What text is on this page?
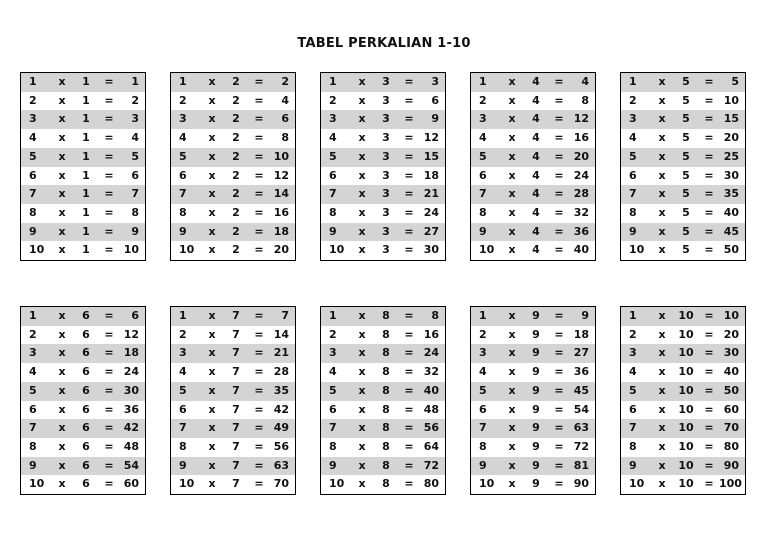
TABEL PERKALIAN 1-10
1	x	1	=	1
2	x	1	=	2
3	x	1	=	3
4	x	1	=	4
5	x	1	=	5
6	x	1	=	6
7	x	1	=	7
8	x	1	=	8
9	x	1	=	9
10	x	1	=	10
1	x	2	=	2
2	x	2	=	4
3	x	2	=	6
4	x	2	=	8
5	x	2	=	10
6	x	2	=	12
7	x	2	=	14
8	x	2	=	16
9	x	2	=	18
10	x	2	=	20
1	x	3	=	3
2	x	3	=	6
3	x	3	=	9
4	x	3	=	12
5	x	3	=	15
6	x	3	=	18
7	x	3	=	21
8	x	3	=	24
9	x	3	=	27
10	x	3	=	30
1	x	4	=	4
2	x	4	=	8
3	x	4	=	12
4	x	4	=	16
5	x	4	=	20
6	x	4	=	24
7	x	4	=	28
8	x	4	=	32
9	x	4	=	36
10	x	4	=	40
1	x	5	=	5
2	x	5	=	10
3	x	5	=	15
4	x	5	=	20
5	x	5	=	25
6	x	5	=	30
7	x	5	=	35
8	x	5	=	40
9	x	5	=	45
10	x	5	=	50
1	x	6	=	6
2	x	6	=	12
3	x	6	=	18
4	x	6	=	24
5	x	6	=	30
6	x	6	=	36
7	x	6	=	42
8	x	6	=	48
9	x	6	=	54
10	x	6	=	60
1	x	7	=	7
2	x	7	=	14
3	x	7	=	21
4	x	7	=	28
5	x	7	=	35
6	x	7	=	42
7	x	7	=	49
8	x	7	=	56
9	x	7	=	63
10	x	7	=	70
1	x	8	=	8
2	x	8	=	16
3	x	8	=	24
4	x	8	=	32
5	x	8	=	40
6	x	8	=	48
7	x	8	=	56
8	x	8	=	64
9	x	8	=	72
10	x	8	=	80
1	x	9	=	9
2	x	9	=	18
3	x	9	=	27
4	x	9	=	36
5	x	9	=	45
6	x	9	=	54
7	x	9	=	63
8	x	9	=	72
9	x	9	=	81
10	x	9	=	90
1	x	10	=	10
2	x	10	=	20
3	x	10	=	30
4	x	10	=	40
5	x	10	=	50
6	x	10	=	60
7	x	10	=	70
8	x	10	=	80
9	x	10	=	90
10	x	10	=	100
